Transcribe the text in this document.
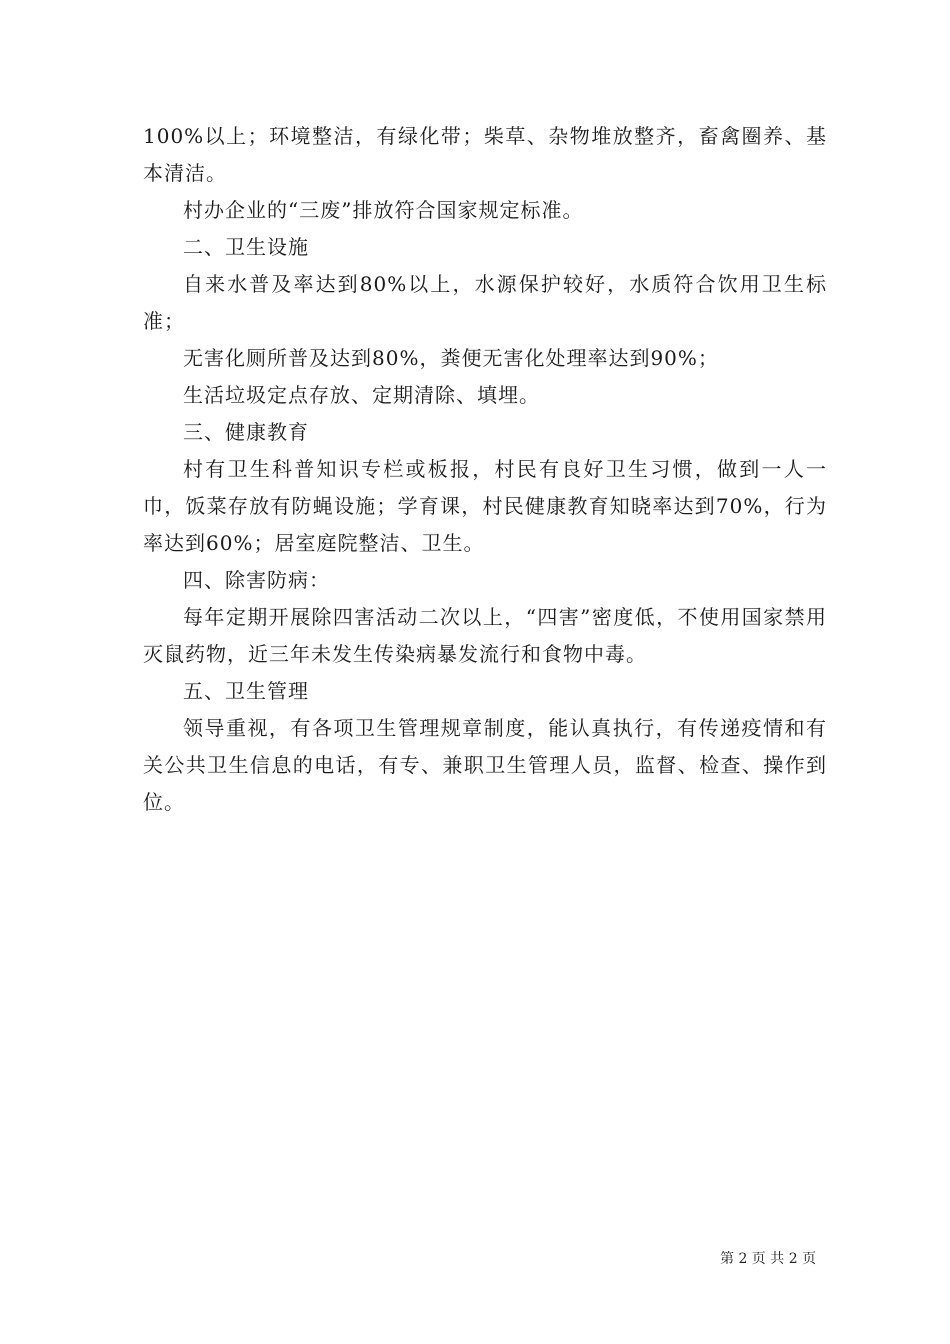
100%以上；环境整洁，有绿化带；柴草、杂物堆放整齐，畜禽圈养、基本清洁。

村办企业的“三废”排放符合国家规定标准。

二、卫生设施

自来水普及率达到80%以上，水源保护较好，水质符合饮用卫生标准；

无害化厕所普及达到80%，粪便无害化处理率达到90%；

生活垃圾定点存放、定期清除、填埋。

三、健康教育

村有卫生科普知识专栏或板报，村民有良好卫生习惯，做到一人一巾，饭菜存放有防蝇设施；学育课，村民健康教育知晓率达到70%，行为率达到60%；居室庭院整洁、卫生。

四、除害防病：

每年定期开展除四害活动二次以上，“四害”密度低，不使用国家禁用灭鼠药物，近三年未发生传染病暴发流行和食物中毒。

五、卫生管理

领导重视，有各项卫生管理规章制度，能认真执行，有传递疫情和有关公共卫生信息的电话，有专、兼职卫生管理人员，监督、检查、操作到位。

第 2 页 共 2 页
